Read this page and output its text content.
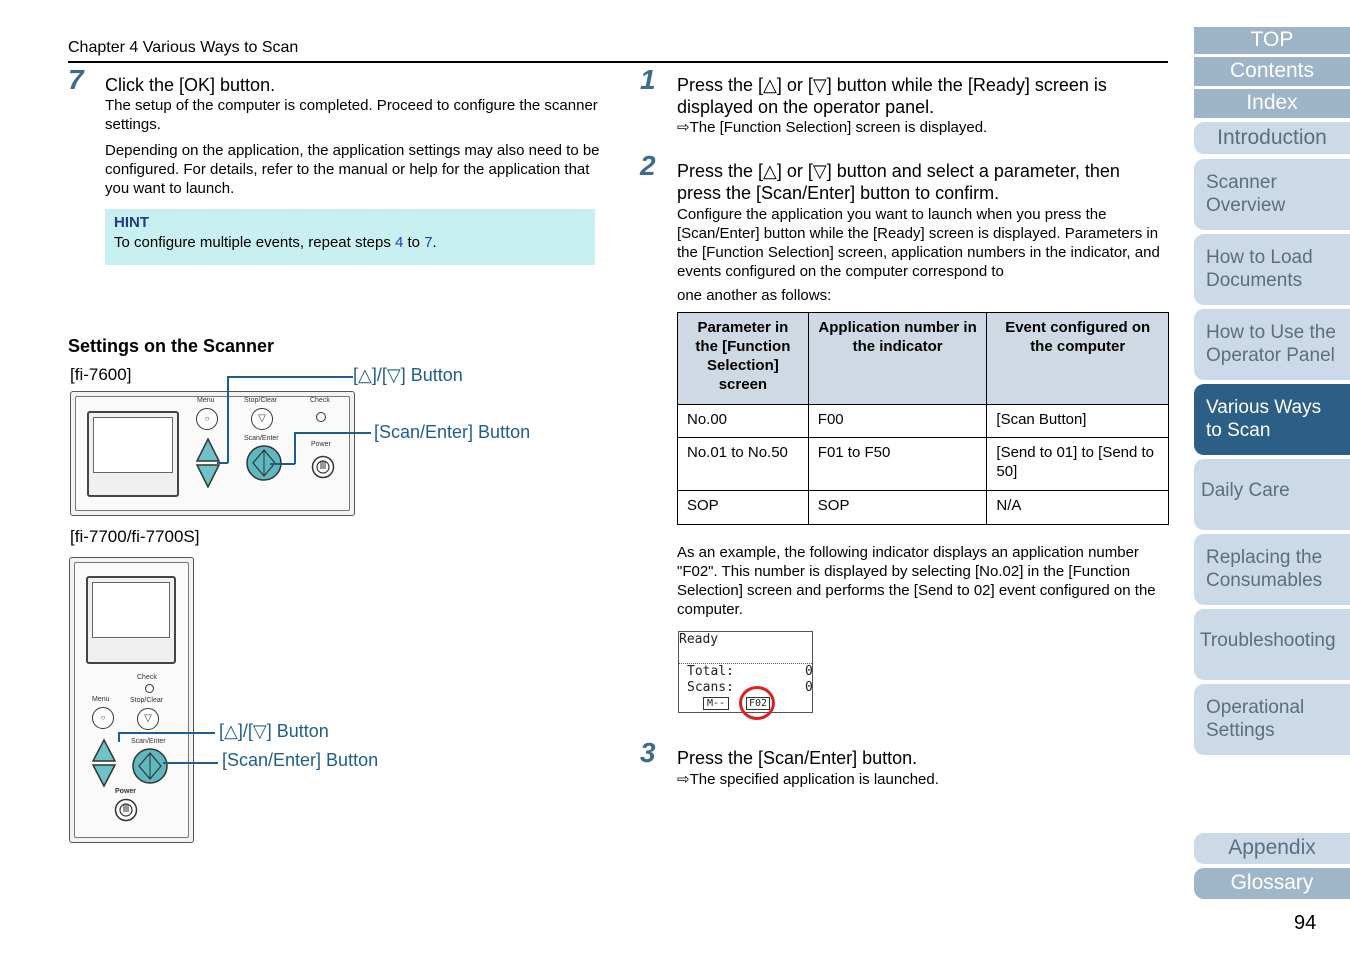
Chapter 4 Various Ways to Scan
7 Click the [OK] button.
The setup of the computer is completed. Proceed to configure the scanner settings.
Depending on the application, the application settings may also need to be configured. For details, refer to the manual or help for the application that you want to launch.
HINT
To configure multiple events, repeat steps 4 to 7.
Settings on the Scanner
[fi-7600]
Menu	Stop/Clear	Check
○	▽
Scan/Enter
Power
[△]/[▽] Button
[Scan/Enter] Button
[fi-7700/fi-7700S]
Check
Menu	Stop/Clear
○	▽
Scan/Enter
Power
[△]/[▽] Button
[Scan/Enter] Button
1 Press the [△] or [▽] button while the [Ready] screen is displayed on the operator panel.
⇨The [Function Selection] screen is displayed.
2 Press the [△] or [▽] button and select a parameter, then press the [Scan/Enter] button to confirm.
Configure the application you want to launch when you press the [Scan/Enter] button while the [Ready] screen is displayed. Parameters in the [Function Selection] screen, application numbers in the indicator, and events configured on the computer correspond to
one another as follows:
Parameter in the [Function Selection] screen	Application number in the indicator	Event configured on the computer
No.00	F00	[Scan Button]
No.01 to No.50	F01 to F50	[Send to 01] to [Send to 50]
SOP	SOP	N/A
As an example, the following indicator displays an application number "F02". This number is displayed by selecting [No.02] in the [Function Selection] screen and performs the [Send to 02] event configured on the computer.
Ready
Total:	0
Scans:	0
M--	F02
3 Press the [Scan/Enter] button.
⇨The specified application is launched.
TOP
Contents
Index
Introduction
Scanner Overview
How to Load Documents
How to Use the Operator Panel
Various Ways to Scan
Daily Care
Replacing the Consumables
Troubleshooting
Operational Settings
Appendix
Glossary
94
